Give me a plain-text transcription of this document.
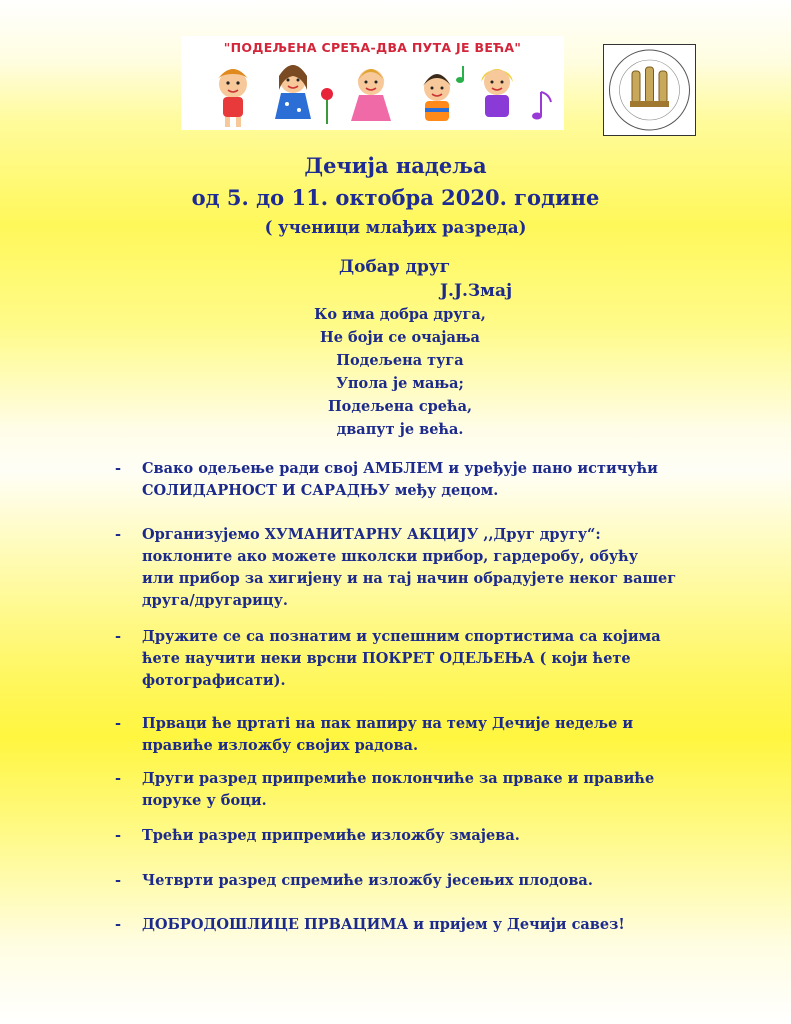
"ПОДЕЉЕНА СРЕЋА-ДВА ПУТА ЈЕ ВЕЋА"
Дечија надеља
од 5. до 11. октобра 2020. године
( ученици млађих разреда)
Добар друг
Ј.Ј.Змај
Ко има добра друга,
Не боји се очајања
Подељена туга
Упола је мања;
Подељена срећа,
двапут је већа.
- Свако одељење ради свој АМБЛЕМ и уређује пано истичући
СОЛИДАРНОСТ И САРАДЊУ међу децом.
- Организујемо ХУМАНИТАРНУ АКЦИЈУ ,,Друг другу“:
поклоните ако можете школски прибор, гардеробу, обућу
или прибор за хигијену и на тај начин обрадујете неког вашег
друга/другарицу.
- Дружите се са познатим и успешним спортистима са којима
ћете научити неки врсни ПОКРЕТ ОДЕЉЕЊА ( који ћете
фотографисати).
- Прваци ће цртаті на пак папиру на тему Дечије недеље и
правиће изложбу својих радова.
- Други разред припремиће поклончиће за прваке и правиће
поруке у боци.
- Трећи разред припремиће изложбу змајева.
- Четврти разред спремиће изложбу јесењих плодова.
- ДОБРОДОШЛИЦЕ ПРВАЦИМА и пријем у Дечији савез!
